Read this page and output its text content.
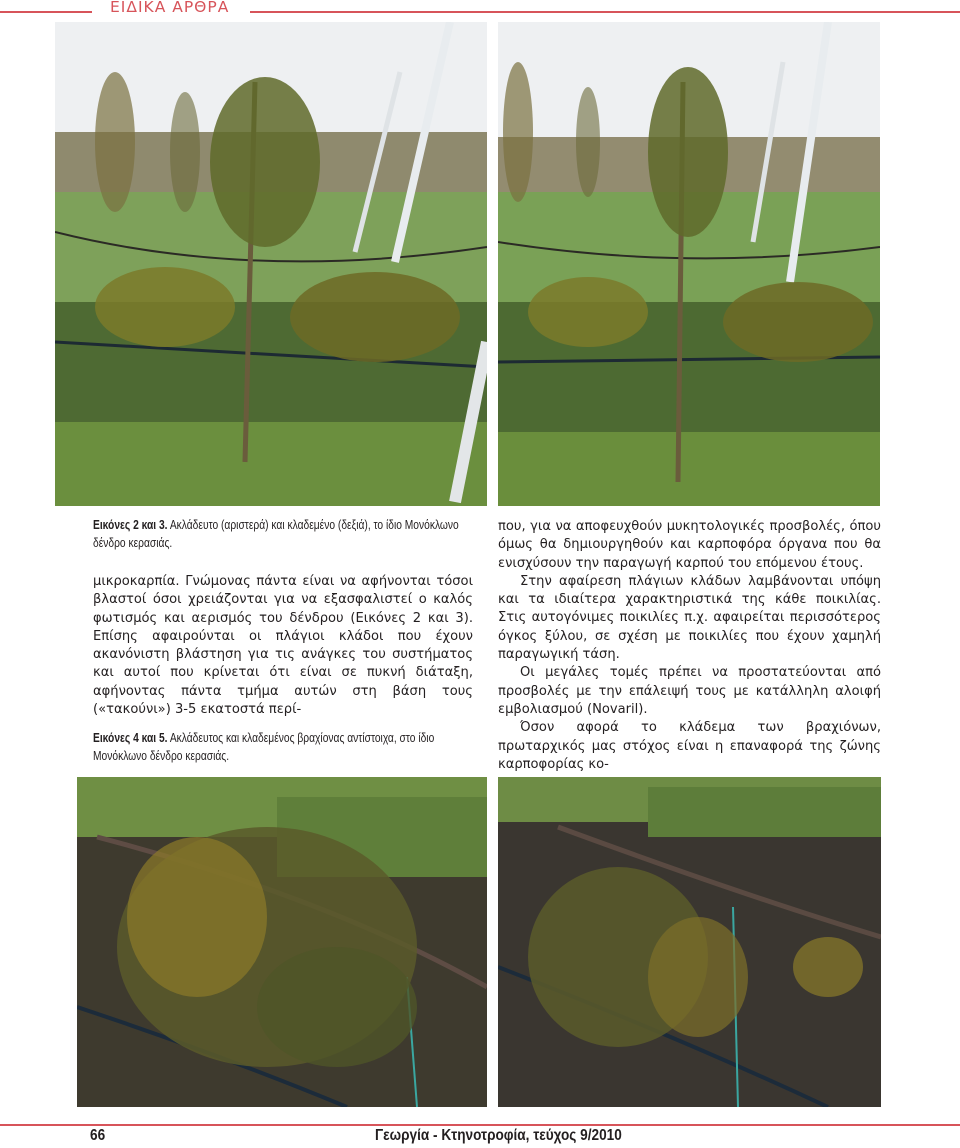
ΕΙΔΙΚΑ ΑΡΘΡΑ
Εικόνες 2 και 3. Ακλάδευτο (αριστερά) και κλαδεμένο (δεξιά), το ίδιο Μονόκλωνο δένδρο κερασιάς.

μικροκαρπία. Γνώμονας πάντα είναι να αφήνονται τόσοι βλαστοί όσοι χρειάζονται για να εξασφαλιστεί ο καλός φωτισμός και αερισμός του δένδρου (Εικόνες 2 και 3). Επίσης αφαιρούνται οι πλάγιοι κλάδοι που έχουν ακανόνιστη βλάστηση για τις ανάγκες του συστήματος και αυτοί που κρίνεται ότι είναι σε πυκνή διάταξη, αφήνοντας πάντα τμήμα αυτών στη βάση τους («τακούνι») 3-5 εκατοστά περί-

Εικόνες 4 και 5. Ακλάδευτος και κλαδεμένος βραχίονας αντίστοιχα, στο ίδιο Μονόκλωνο δένδρο κερασιάς.

που, για να αποφευχθούν μυκητολογικές προσβολές, όπου όμως θα δημιουργηθούν και καρποφόρα όργανα που θα ενισχύσουν την παραγωγή καρπού του επόμενου έτους.

Στην αφαίρεση πλάγιων κλάδων λαμβάνονται υπόψη και τα ιδιαίτερα χαρακτηριστικά της κάθε ποικιλίας. Στις αυτογόνιμες ποικιλίες π.χ. αφαιρείται περισσότερος όγκος ξύλου, σε σχέση με ποικιλίες που έχουν χαμηλή παραγωγική τάση.

Οι μεγάλες τομές πρέπει να προστατεύονται από προσβολές με την επάλειψή τους με κατάλληλη αλοιφή εμβολιασμού (Novaril).

Όσον αφορά το κλάδεμα των βραχιόνων, πρωταρχικός μας στόχος είναι η επαναφορά της ζώνης καρποφορίας κο-

66	Γεωργία - Κτηνοτροφία, τεύχος 9/2010
